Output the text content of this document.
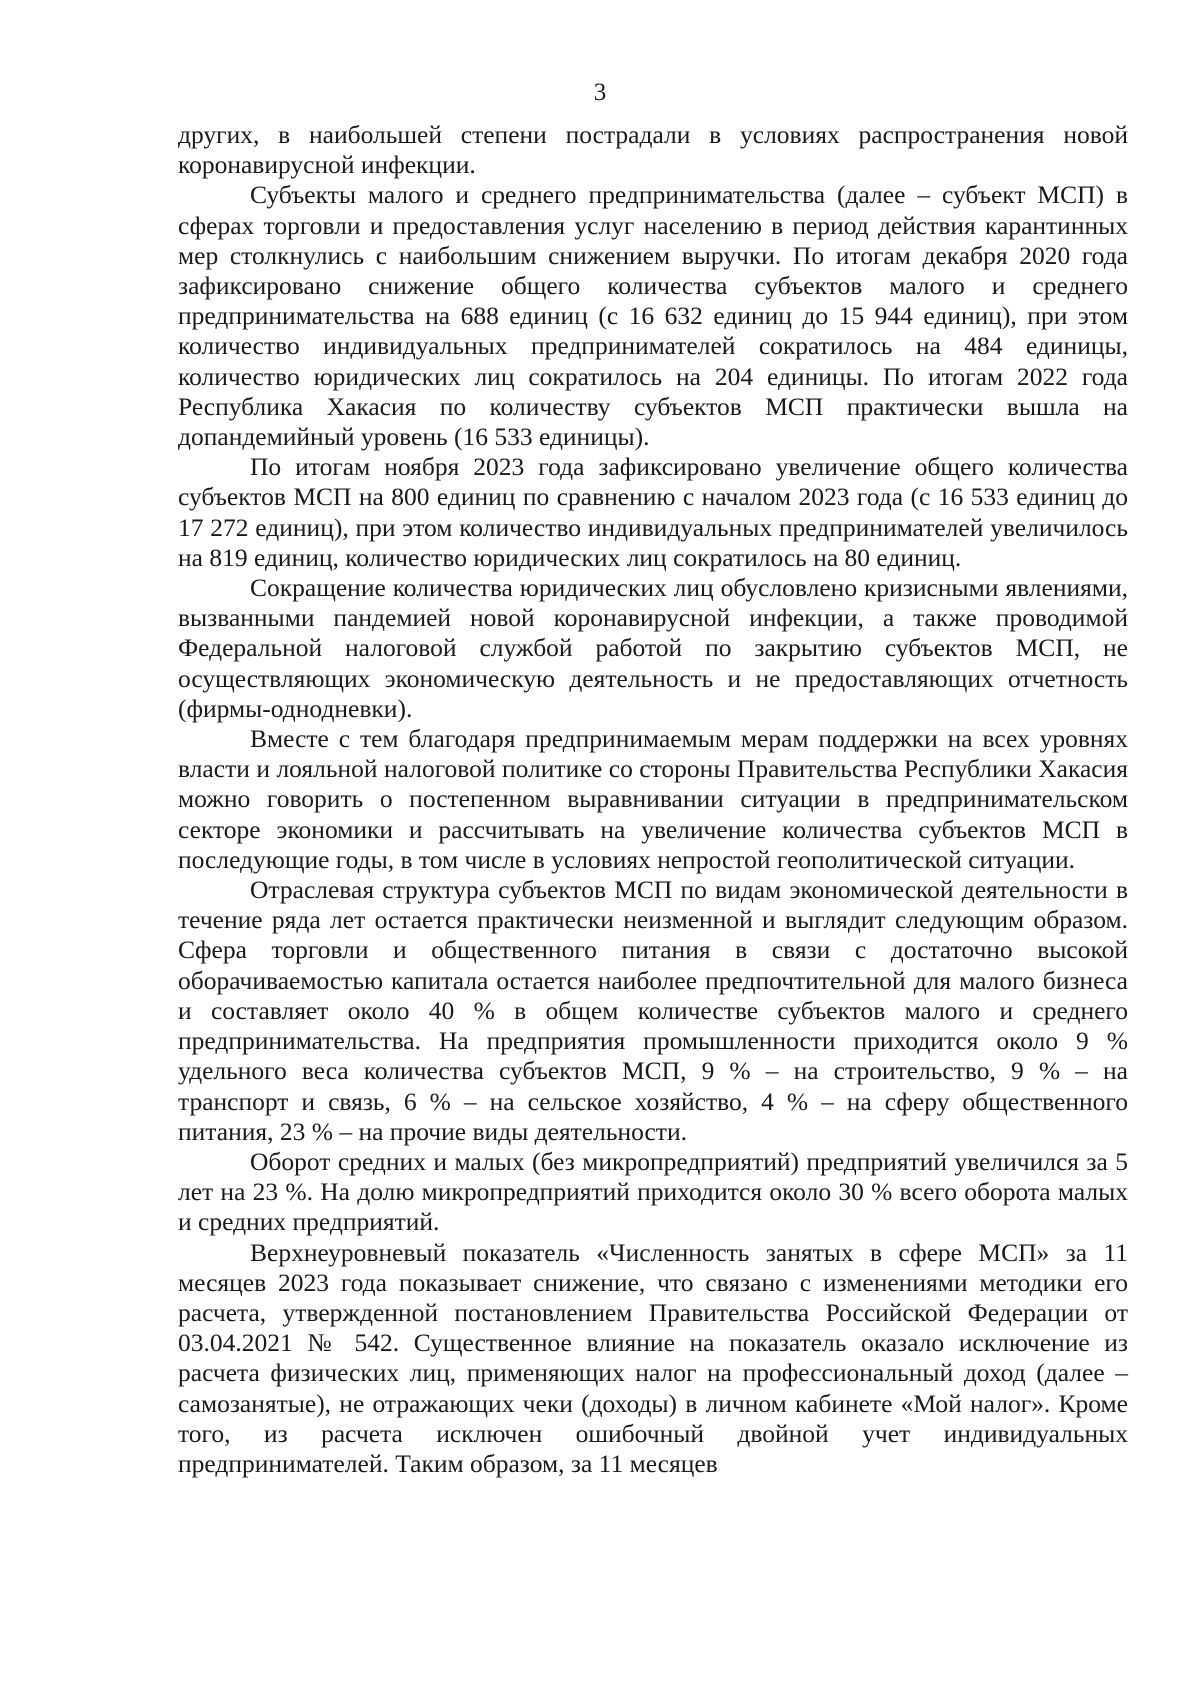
3

других, в наибольшей степени пострадали в условиях распространения новой коронавирусной инфекции.

Субъекты малого и среднего предпринимательства (далее – субъект МСП) в сферах торговли и предоставления услуг населению в период действия карантинных мер столкнулись с наибольшим снижением выручки. По итогам декабря 2020 года зафиксировано снижение общего количества субъектов малого и среднего предпринимательства на 688 единиц (с 16 632 единиц до 15 944 единиц), при этом количество индивидуальных предпринимателей сократилось на 484 единицы, количество юридических лиц сократилось на 204 единицы. По итогам 2022 года Республика Хакасия по количеству субъектов МСП практически вышла на допандемийный уровень (16 533 единицы).

По итогам ноября 2023 года зафиксировано увеличение общего количества субъектов МСП на 800 единиц по сравнению с началом 2023 года (с 16 533 единиц до 17 272 единиц), при этом количество индивидуальных предпринимателей увеличилось на 819 единиц, количество юридических лиц сократилось на 80 единиц.

Сокращение количества юридических лиц обусловлено кризисными явлениями, вызванными пандемией новой коронавирусной инфекции, а также проводимой Федеральной налоговой службой работой по закрытию субъектов МСП, не осуществляющих экономическую деятельность и не предоставляющих отчетность (фирмы-однодневки).

Вместе с тем благодаря предпринимаемым мерам поддержки на всех уровнях власти и лояльной налоговой политике со стороны Правительства Республики Хакасия можно говорить о постепенном выравнивании ситуации в предпринимательском секторе экономики и рассчитывать на увеличение количества субъектов МСП в последующие годы, в том числе в условиях непростой геополитической ситуации.

Отраслевая структура субъектов МСП по видам экономической деятельности в течение ряда лет остается практически неизменной и выглядит следующим образом. Сфера торговли и общественного питания в связи с достаточно высокой оборачиваемостью капитала остается наиболее предпочтительной для малого бизнеса и составляет около 40 % в общем количестве субъектов малого и среднего предпринимательства. На предприятия промышленности приходится около 9 % удельного веса количества субъектов МСП, 9 % – на строительство, 9 % – на транспорт и связь, 6 % – на сельское хозяйство, 4 % – на сферу общественного питания, 23 % – на прочие виды деятельности.

Оборот средних и малых (без микропредприятий) предприятий увеличился за 5 лет на 23 %. На долю микропредприятий приходится около 30 % всего оборота малых и средних предприятий.

Верхнеуровневый показатель «Численность занятых в сфере МСП» за 11 месяцев 2023 года показывает снижение, что связано с изменениями методики его расчета, утвержденной постановлением Правительства Российской Федерации от 03.04.2021 № 542. Существенное влияние на показатель оказало исключение из расчета физических лиц, применяющих налог на профессиональный доход (далее – самозанятые), не отражающих чеки (доходы) в личном кабинете «Мой налог». Кроме того, из расчета исключен ошибочный двойной учет индивидуальных предпринимателей. Таким образом, за 11 месяцев
